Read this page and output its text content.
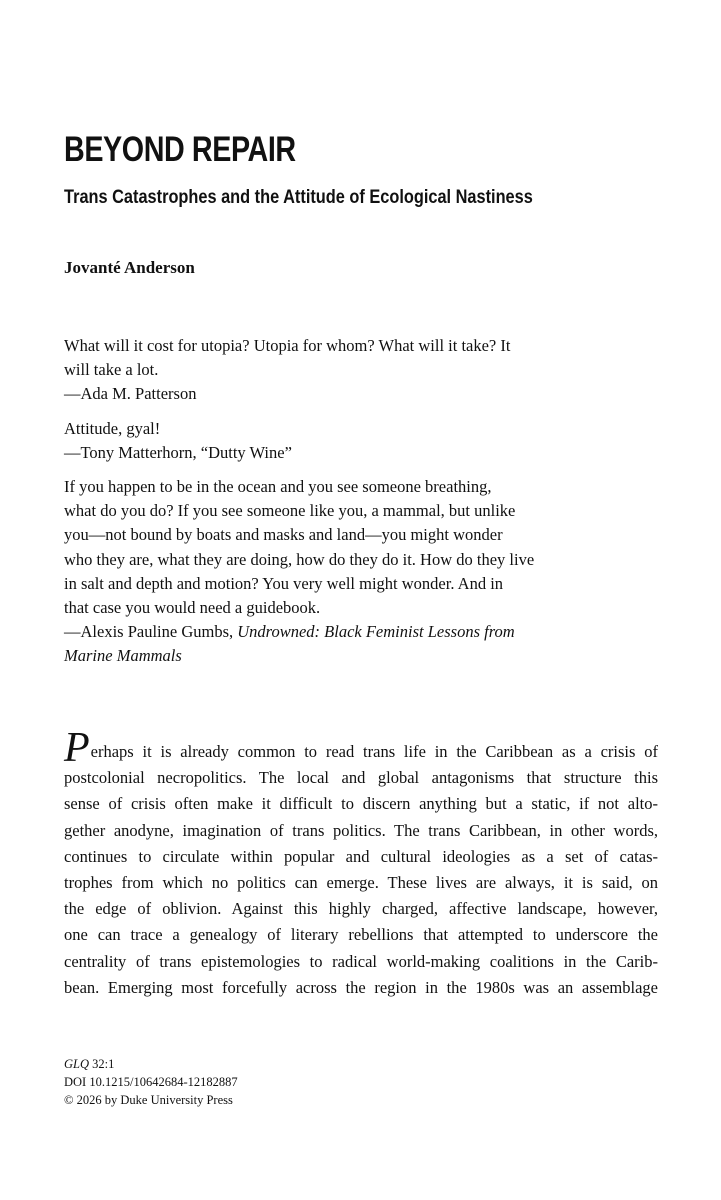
BEYOND REPAIR
Trans Catastrophes and the Attitude of Ecological Nastiness

Jovanté Anderson

What will it cost for utopia? Utopia for whom? What will it take? It
will take a lot.
—Ada M. Patterson
Attitude, gyal!
—Tony Matterhorn, “Dutty Wine”
If you happen to be in the ocean and you see someone breathing,
what do you do? If you see someone like you, a mammal, but unlike
you—not bound by boats and masks and land—you might wonder
who they are, what they are doing, how do they do it. How do they live
in salt and depth and motion? You very well might wonder. And in
that case you would need a guidebook.
—Alexis Pauline Gumbs, Undrowned: Black Feminist Lessons from
Marine Mammals
Perhaps it is already common to read trans life in the Caribbean as a crisis of
postcolonial necropolitics. The local and global antagonisms that structure this
sense of crisis often make it difficult to discern anything but a static, if not alto-
gether anodyne, imagination of trans politics. The trans Caribbean, in other words,
continues to circulate within popular and cultural ideologies as a set of catas-
trophes from which no politics can emerge. These lives are always, it is said, on
the edge of oblivion. Against this highly charged, affective landscape, however,
one can trace a genealogy of literary rebellions that attempted to underscore the
centrality of trans epistemologies to radical world-making coalitions in the Carib-
bean. Emerging most forcefully across the region in the 1980s was an assemblage
GLQ 32:1
DOI 10.1215/10642684-12182887
© 2026 by Duke University Press
